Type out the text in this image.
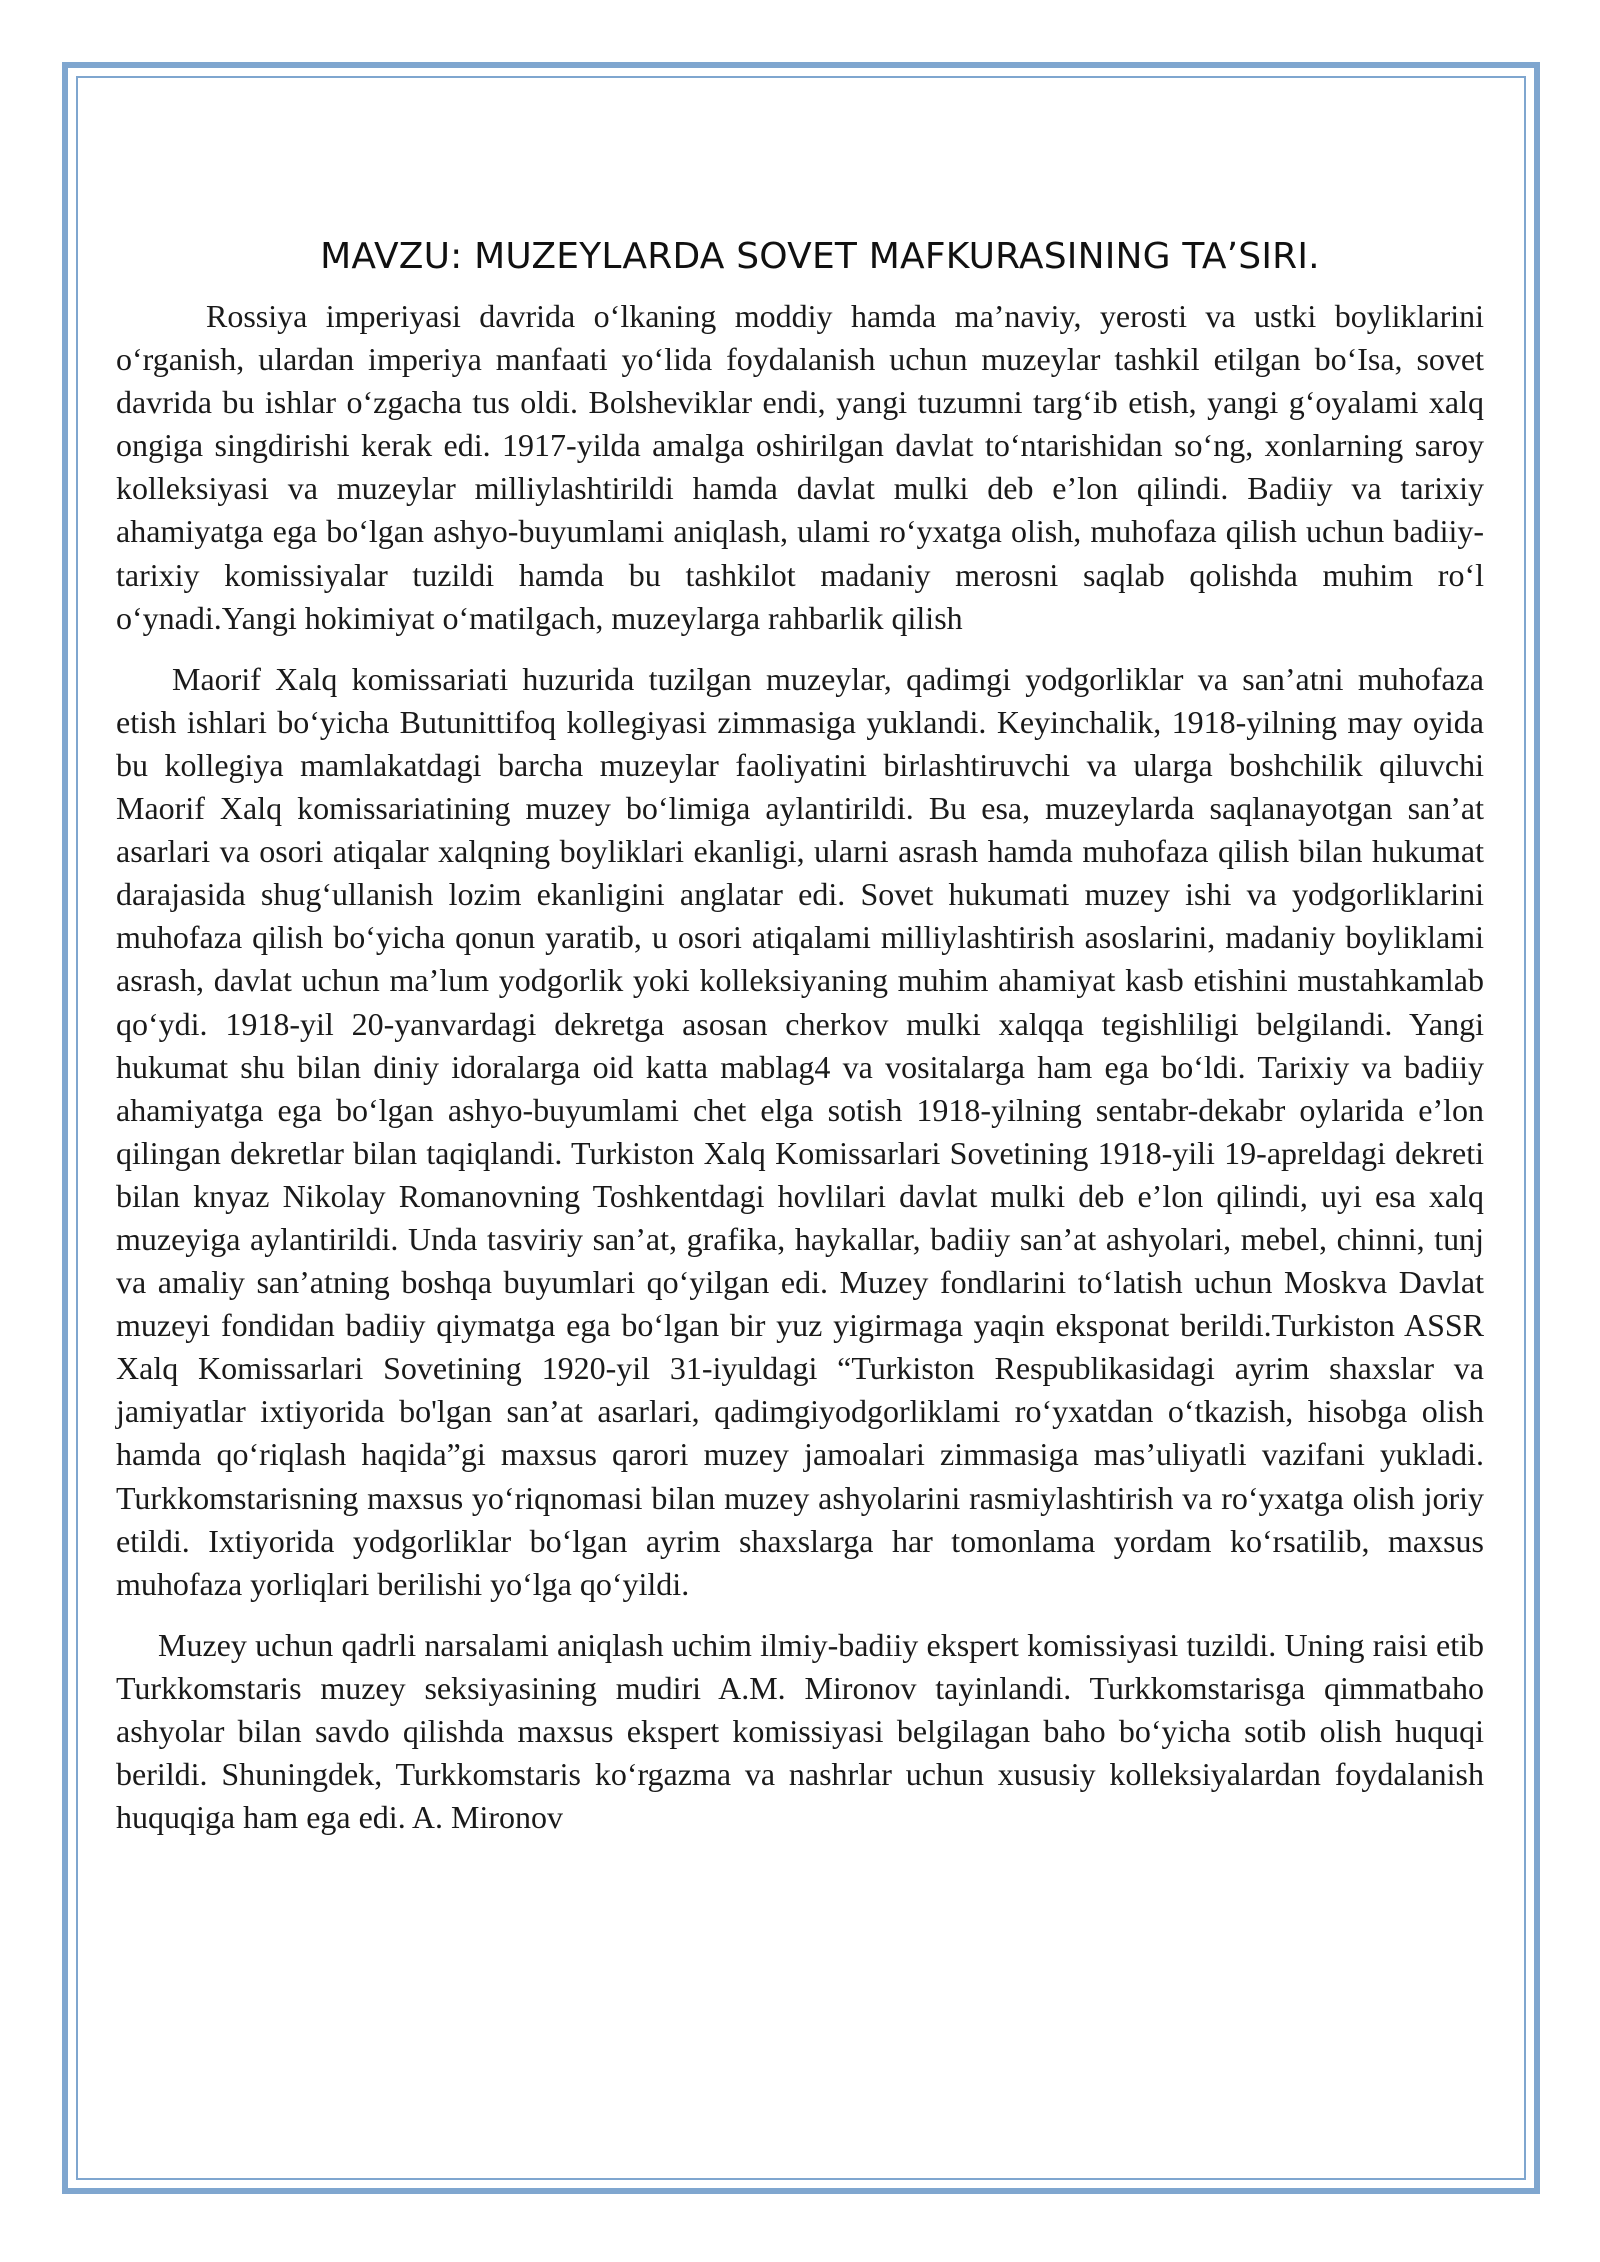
MAVZU: MUZEYLARDA SOVET MAFKURASINING TA’SIRI.

Rossiya imperiyasi davrida o‘lkaning moddiy hamda ma’naviy, yerosti va ustki boyliklarini o‘rganish, ulardan imperiya manfaati yo‘lida foydalanish uchun muzeylar tashkil etilgan bo‘Isa, sovet davrida bu ishlar o‘zgacha tus oldi. Bolsheviklar endi, yangi tuzumni targ‘ib etish, yangi g‘oyalami xalq ongiga singdirishi kerak edi. 1917-yilda amalga oshirilgan davlat to‘ntarishidan so‘ng, xonlarning saroy kolleksiyasi va muzeylar milliylashtirildi hamda davlat mulki deb e’lon qilindi. Badiiy va tarixiy ahamiyatga ega bo‘lgan ashyo-buyumlami aniqlash, ulami ro‘yxatga olish, muhofaza qilish uchun badiiy-tarixiy komissiyalar tuzildi hamda bu tashkilot madaniy merosni saqlab qolishda muhim ro‘l o‘ynadi.Yangi hokimiyat o‘matilgach, muzeylarga rahbarlik qilish

Maorif Xalq komissariati huzurida tuzilgan muzeylar, qadimgi yodgorliklar va san’atni muhofaza etish ishlari bo‘yicha Butunittifoq kollegiyasi zimmasiga yuklandi. Keyinchalik, 1918-yilning may oyida bu kollegiya mamlakatdagi barcha muzeylar faoliyatini birlashtiruvchi va ularga boshchilik qiluvchi Maorif Xalq komissariatining muzey bo‘limiga aylantirildi. Bu esa, muzeylarda saqlanayotgan san’at asarlari va osori atiqalar xalqning boyliklari ekanligi, ularni asrash hamda muhofaza qilish bilan hukumat darajasida shug‘ullanish lozim ekanligini anglatar edi. Sovet hukumati muzey ishi va yodgorliklarini muhofaza qilish bo‘yicha qonun yaratib, u osori atiqalami milliylashtirish asoslarini, madaniy boyliklami asrash, davlat uchun ma’lum yodgorlik yoki kolleksiyaning muhim ahamiyat kasb etishini mustahkamlab qo‘ydi. 1918-yil 20-yanvardagi dekretga asosan cherkov mulki xalqqa tegishliligi belgilandi. Yangi hukumat shu bilan diniy idoralarga oid katta mablag4 va vositalarga ham ega bo‘ldi. Tarixiy va badiiy ahamiyatga ega bo‘lgan ashyo-buyumlami chet elga sotish 1918-yilning sentabr-dekabr oylarida e’lon qilingan dekretlar bilan taqiqlandi. Turkiston Xalq Komissarlari Sovetining 1918-yili 19-apreldagi dekreti bilan knyaz Nikolay Romanovning Toshkentdagi hovlilari davlat mulki deb e’lon qilindi, uyi esa xalq muzeyiga aylantirildi. Unda tasviriy san’at, grafika, haykallar, badiiy san’at ashyolari, mebel, chinni, tunj va amaliy san’atning boshqa buyumlari qo‘yilgan edi. Muzey fondlarini to‘latish uchun Moskva Davlat muzeyi fondidan badiiy qiymatga ega bo‘lgan bir yuz yigirmaga yaqin eksponat berildi.Turkiston ASSR Xalq Komissarlari Sovetining 1920-yil 31-iyuldagi “Turkiston Respublikasidagi ayrim shaxslar va jamiyatlar ixtiyorida bo'lgan san’at asarlari, qadimgiyodgorliklami ro‘yxatdan o‘tkazish, hisobga olish hamda qo‘riqlash haqida”gi maxsus qarori muzey jamoalari zimmasiga mas’uliyatli vazifani yukladi. Turkkomstarisning maxsus yo‘riqnomasi bilan muzey ashyolarini rasmiylashtirish va ro‘yxatga olish joriy etildi. Ixtiyorida yodgorliklar bo‘lgan ayrim shaxslarga har tomonlama yordam ko‘rsatilib, maxsus muhofaza yorliqlari berilishi yo‘lga qo‘yildi.

Muzey uchun qadrli narsalami aniqlash uchim ilmiy-badiiy ekspert komissiyasi tuzildi. Uning raisi etib Turkkomstaris muzey seksiyasining mudiri A.M. Mironov tayinlandi. Turkkomstarisga qimmatbaho ashyolar bilan savdo qilishda maxsus ekspert komissiyasi belgilagan baho bo‘yicha sotib olish huquqi berildi. Shuningdek, Turkkomstaris ko‘rgazma va nashrlar uchun xususiy kolleksiyalardan foydalanish huquqiga ham ega edi. A. Mironov
